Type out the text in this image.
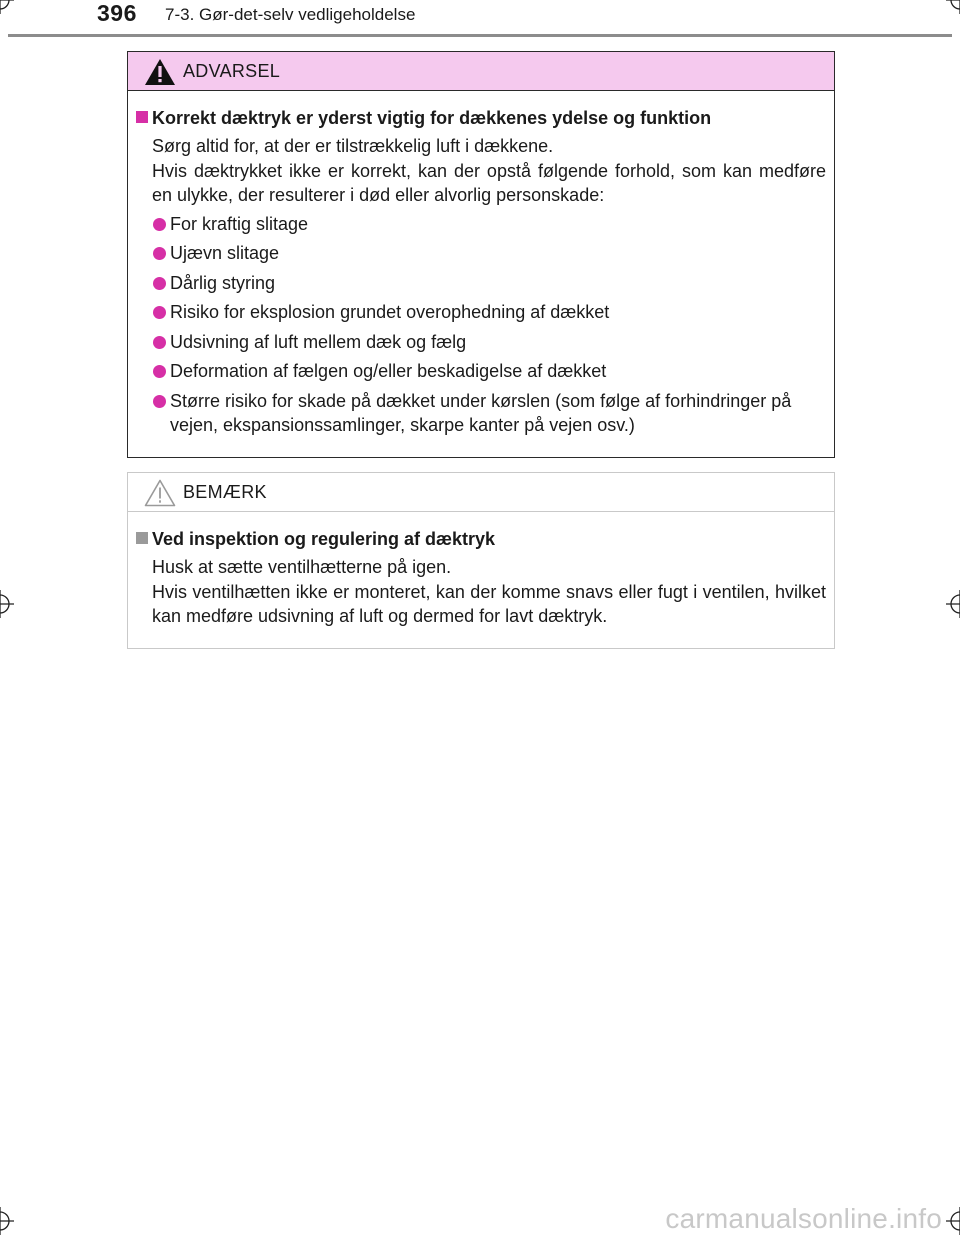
396 7-3. Gør-det-selv vedligeholdelse
ADVARSEL
Korrekt dæktryk er yderst vigtig for dækkenes ydelse og funktion
Sørg altid for, at der er tilstrækkelig luft i dækkene.
Hvis dæktrykket ikke er korrekt, kan der opstå følgende forhold, som kan medføre en ulykke, der resulterer i død eller alvorlig personskade:
For kraftig slitage
Ujævn slitage
Dårlig styring
Risiko for eksplosion grundet overophedning af dækket
Udsivning af luft mellem dæk og fælg
Deformation af fælgen og/eller beskadigelse af dækket
Større risiko for skade på dækket under kørslen (som følge af forhindringer på vejen, ekspansionssamlinger, skarpe kanter på vejen osv.)
BEMÆRK
Ved inspektion og regulering af dæktryk
Husk at sætte ventilhætterne på igen.
Hvis ventilhætten ikke er monteret, kan der komme snavs eller fugt i ventilen, hvilket kan medføre udsivning af luft og dermed for lavt dæktryk.
carmanualsonline.info
